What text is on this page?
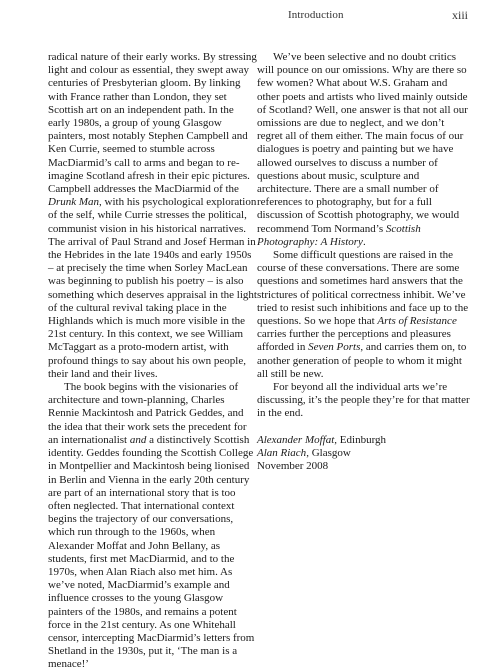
Introduction	xiii

radical nature of their early works. By stressing light and colour as essential, they swept away centuries of Presbyterian gloom. By linking with France rather than London, they set Scottish art on an independent path. In the early 1980s, a group of young Glasgow painters, most notably Stephen Campbell and Ken Currie, seemed to stumble across MacDiarmid’s call to arms and began to re-imagine Scotland afresh in their epic pictures. Campbell addresses the MacDiarmid of the Drunk Man, with his psychological exploration of the self, while Currie stresses the political, communist vision in his historical narratives. The arrival of Paul Strand and Josef Herman in the Hebrides in the late 1940s and early 1950s – at precisely the time when Sorley MacLean was beginning to publish his poetry – is also something which deserves appraisal in the light of the cultural revival taking place in the Highlands which is much more visible in the 21st century. In this context, we see William McTaggart as a proto-modern artist, with profound things to say about his own people, their land and their lives.

The book begins with the visionaries of architecture and town-planning, Charles Rennie Mackintosh and Patrick Geddes, and the idea that their work sets the precedent for an internationalist and a distinctively Scottish identity. Geddes founding the Scottish College in Montpellier and Mackintosh being lionised in Berlin and Vienna in the early 20th century are part of an international story that is too often neglected. That international context begins the trajectory of our conversations, which run through to the 1960s, when Alexander Moffat and John Bellany, as students, first met MacDiarmid, and to the 1970s, when Alan Riach also met him. As we’ve noted, MacDiarmid’s example and influence crosses to the young Glasgow painters of the 1980s, and remains a potent force in the 21st century. As one Whitehall censor, intercepting MacDiarmid’s letters from Shetland in the 1930s, put it, ‘The man is a menace!’

We’ve been selective and no doubt critics will pounce on our omissions. Why are there so few women? What about W.S. Graham and other poets and artists who lived mainly outside of Scotland? Well, one answer is that not all our omissions are due to neglect, and we don’t regret all of them either. The main focus of our dialogues is poetry and painting but we have allowed ourselves to discuss a number of questions about music, sculpture and architecture. There are a small number of references to photography, but for a full discussion of Scottish photography, we would recommend Tom Normand’s Scottish Photography: A History.

Some difficult questions are raised in the course of these conversations. There are some questions and sometimes hard answers that the strictures of political correctness inhibit. We’ve tried to resist such inhibitions and face up to the questions. So we hope that Arts of Resistance carries further the perceptions and pleasures afforded in Seven Ports, and carries them on, to another generation of people to whom it might all still be new.

For beyond all the individual arts we’re discussing, it’s the people they’re for that matter in the end.

Alexander Moffat, Edinburgh
Alan Riach, Glasgow
November 2008
